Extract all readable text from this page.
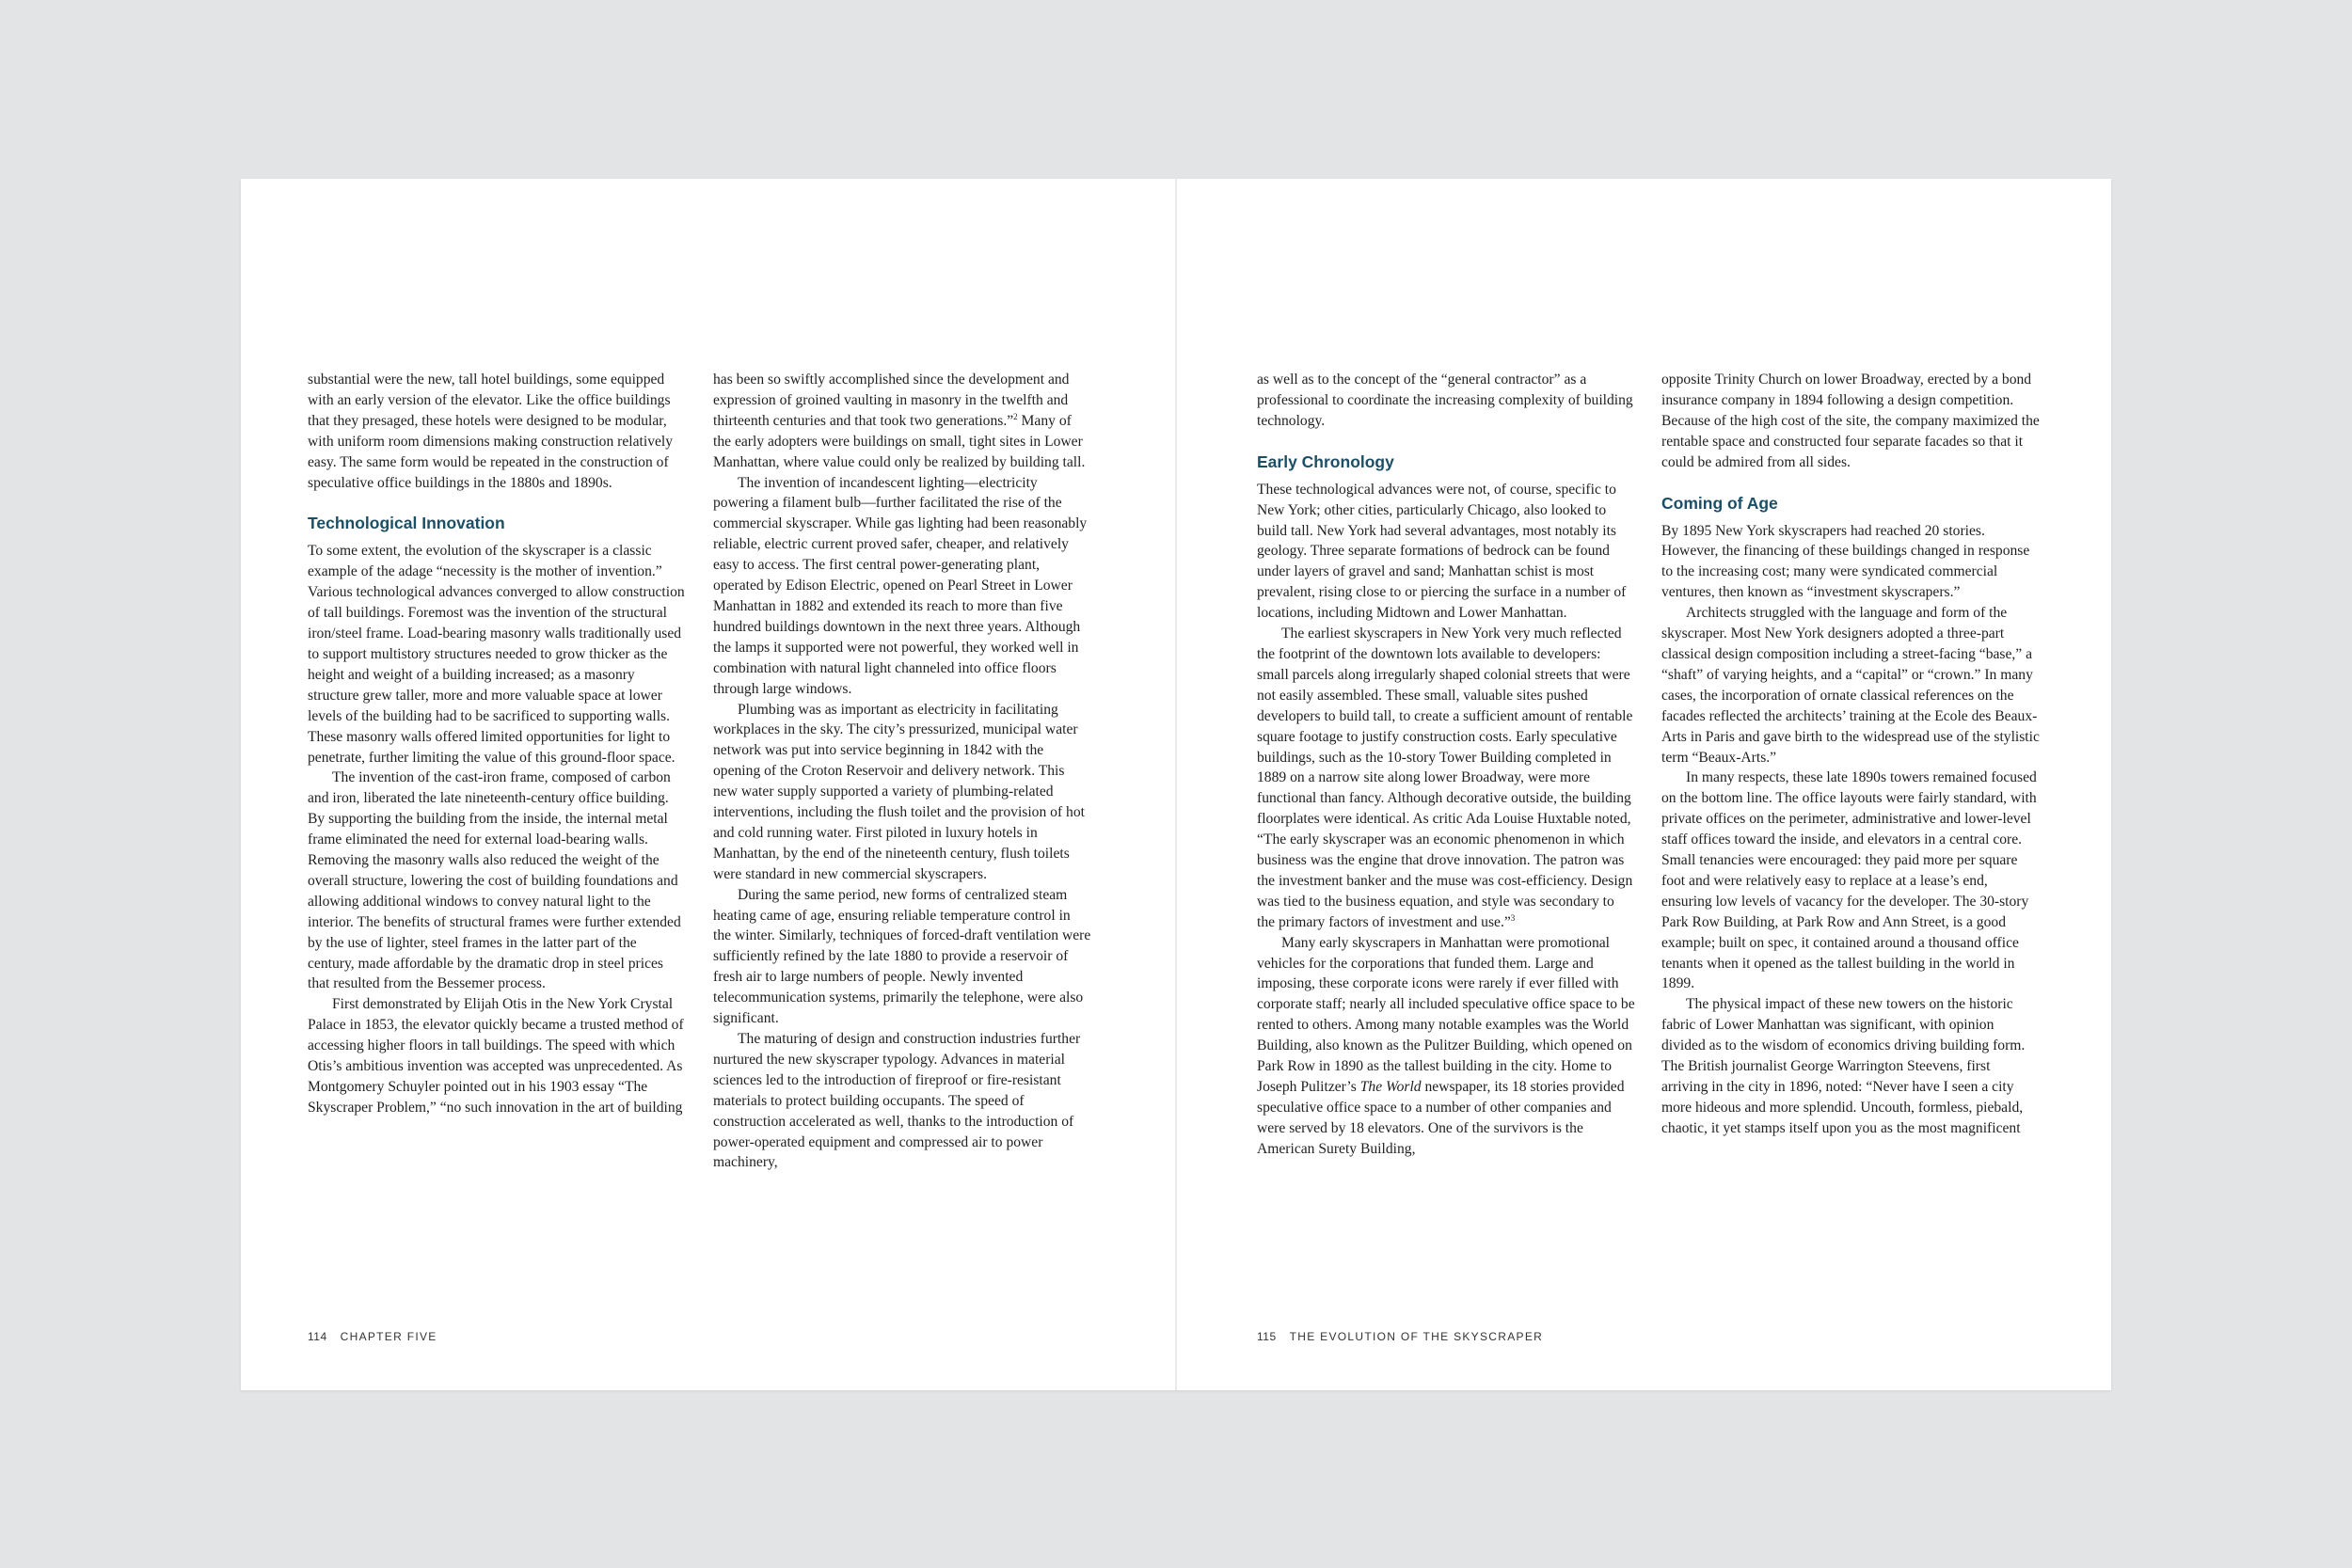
substantial were the new, tall hotel buildings, some equipped with an early version of the elevator. Like the office buildings that they presaged, these hotels were designed to be modular, with uniform room dimensions making construction relatively easy. The same form would be repeated in the construction of speculative office buildings in the 1880s and 1890s.

Technological Innovation

To some extent, the evolution of the skyscraper is a classic example of the adage “necessity is the mother of invention.” Various technological advances converged to allow construction of tall buildings. Foremost was the invention of the structural iron/steel frame. Load-bearing masonry walls traditionally used to support multistory structures needed to grow thicker as the height and weight of a building increased; as a masonry structure grew taller, more and more valuable space at lower levels of the building had to be sacrificed to supporting walls. These masonry walls offered limited opportunities for light to penetrate, further limiting the value of this ground-floor space.

The invention of the cast-iron frame, composed of carbon and iron, liberated the late nineteenth-century office building. By supporting the building from the inside, the internal metal frame eliminated the need for external load-bearing walls. Removing the masonry walls also reduced the weight of the overall structure, lowering the cost of building foundations and allowing additional windows to convey natural light to the interior. The benefits of structural frames were further extended by the use of lighter, steel frames in the latter part of the century, made affordable by the dramatic drop in steel prices that resulted from the Bessemer process.

First demonstrated by Elijah Otis in the New York Crystal Palace in 1853, the elevator quickly became a trusted method of accessing higher floors in tall buildings. The speed with which Otis’s ambitious invention was accepted was unprecedented. As Montgomery Schuyler pointed out in his 1903 essay “The Skyscraper Problem,” “no such innovation in the art of building

has been so swiftly accomplished since the development and expression of groined vaulting in masonry in the twelfth and thirteenth centuries and that took two generations.”$^2$ Many of the early adopters were buildings on small, tight sites in Lower Manhattan, where value could only be realized by building tall.

The invention of incandescent lighting—electricity powering a filament bulb—further facilitated the rise of the commercial skyscraper. While gas lighting had been reasonably reliable, electric current proved safer, cheaper, and relatively easy to access. The first central power-generating plant, operated by Edison Electric, opened on Pearl Street in Lower Manhattan in 1882 and extended its reach to more than five hundred buildings downtown in the next three years. Although the lamps it supported were not powerful, they worked well in combination with natural light channeled into office floors through large windows.

Plumbing was as important as electricity in facilitating workplaces in the sky. The city’s pressurized, municipal water network was put into service beginning in 1842 with the opening of the Croton Reservoir and delivery network. This new water supply supported a variety of plumbing-related interventions, including the flush toilet and the provision of hot and cold running water. First piloted in luxury hotels in Manhattan, by the end of the nineteenth century, flush toilets were standard in new commercial skyscrapers.

During the same period, new forms of centralized steam heating came of age, ensuring reliable temperature control in the winter. Similarly, techniques of forced-draft ventilation were sufficiently refined by the late 1880 to provide a reservoir of fresh air to large numbers of people. Newly invented telecommunication systems, primarily the telephone, were also significant.

The maturing of design and construction industries further nurtured the new skyscraper typology. Advances in material sciences led to the introduction of fireproof or fire-resistant materials to protect building occupants. The speed of construction accelerated as well, thanks to the introduction of power-operated equipment and compressed air to power machinery,

as well as to the concept of the “general contractor” as a professional to coordinate the increasing complexity of building technology.

Early Chronology

These technological advances were not, of course, specific to New York; other cities, particularly Chicago, also looked to build tall. New York had several advantages, most notably its geology. Three separate formations of bedrock can be found under layers of gravel and sand; Manhattan schist is most prevalent, rising close to or piercing the surface in a number of locations, including Midtown and Lower Manhattan.

The earliest skyscrapers in New York very much reflected the footprint of the downtown lots available to developers: small parcels along irregularly shaped colonial streets that were not easily assembled. These small, valuable sites pushed developers to build tall, to create a sufficient amount of rentable square footage to justify construction costs. Early speculative buildings, such as the 10-story Tower Building completed in 1889 on a narrow site along lower Broadway, were more functional than fancy. Although decorative outside, the building floorplates were identical. As critic Ada Louise Huxtable noted, “The early skyscraper was an economic phenomenon in which business was the engine that drove innovation. The patron was the investment banker and the muse was cost-efficiency. Design was tied to the business equation, and style was secondary to the primary factors of investment and use.”$^3$

Many early skyscrapers in Manhattan were promotional vehicles for the corporations that funded them. Large and imposing, these corporate icons were rarely if ever filled with corporate staff; nearly all included speculative office space to be rented to others. Among many notable examples was the World Building, also known as the Pulitzer Building, which opened on Park Row in 1890 as the tallest building in the city. Home to Joseph Pulitzer’s The World newspaper, its 18 stories provided speculative office space to a number of other companies and were served by 18 elevators. One of the survivors is the American Surety Building,

opposite Trinity Church on lower Broadway, erected by a bond insurance company in 1894 following a design competition. Because of the high cost of the site, the company maximized the rentable space and constructed four separate facades so that it could be admired from all sides.

Coming of Age

By 1895 New York skyscrapers had reached 20 stories. However, the financing of these buildings changed in response to the increasing cost; many were syndicated commercial ventures, then known as “investment skyscrapers.”

Architects struggled with the language and form of the skyscraper. Most New York designers adopted a three-part classical design composition including a street-facing “base,” a “shaft” of varying heights, and a “capital” or “crown.” In many cases, the incorporation of ornate classical references on the facades reflected the architects’ training at the Ecole des Beaux-Arts in Paris and gave birth to the widespread use of the stylistic term “Beaux-Arts.”

In many respects, these late 1890s towers remained focused on the bottom line. The office layouts were fairly standard, with private offices on the perimeter, administrative and lower-level staff offices toward the inside, and elevators in a central core. Small tenancies were encouraged: they paid more per square foot and were relatively easy to replace at a lease’s end, ensuring low levels of vacancy for the developer. The 30-story Park Row Building, at Park Row and Ann Street, is a good example; built on spec, it contained around a thousand office tenants when it opened as the tallest building in the world in 1899.

The physical impact of these new towers on the historic fabric of Lower Manhattan was significant, with opinion divided as to the wisdom of economics driving building form. The British journalist George Warrington Steevens, first arriving in the city in 1896, noted: “Never have I seen a city more hideous and more splendid. Uncouth, formless, piebald, chaotic, it yet stamps itself upon you as the most magnificent

114 CHAPTER FIVE	115 THE EVOLUTION OF THE SKYSCRAPER
